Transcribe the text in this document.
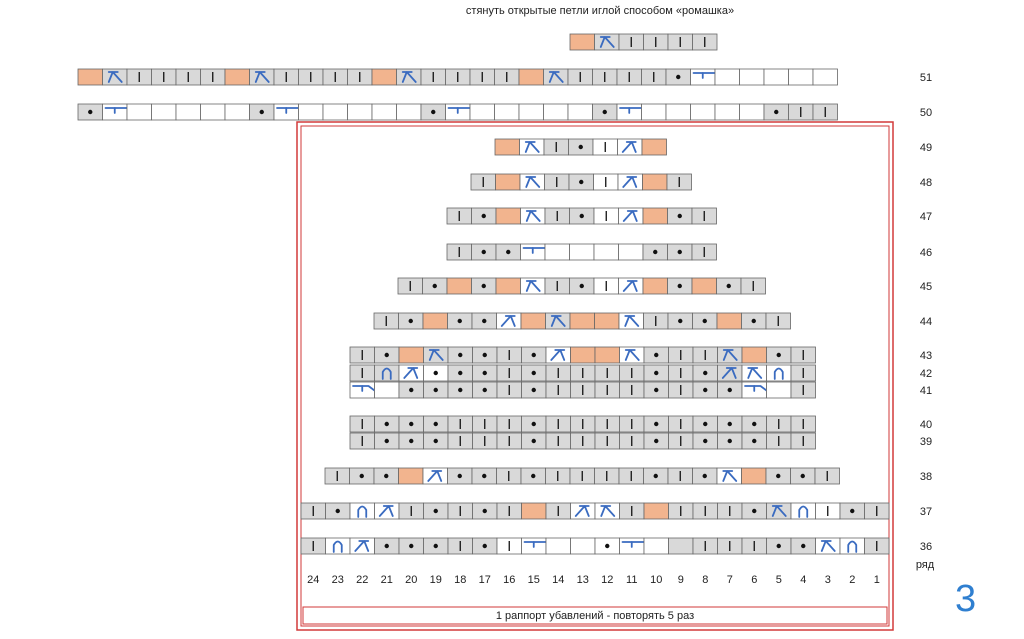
стянуть открытые петли иглой способом «ромашка»
51
50
49
48
47
46
45
44
43
42
41
40
39
38
37
36
24 23 22 21 20 19 18 17 16 15 14 13 12 11 10 9 8 7 6 5 4 3 2 1
1 раппорт убавлений - повторять 5 раз
ряд
3
